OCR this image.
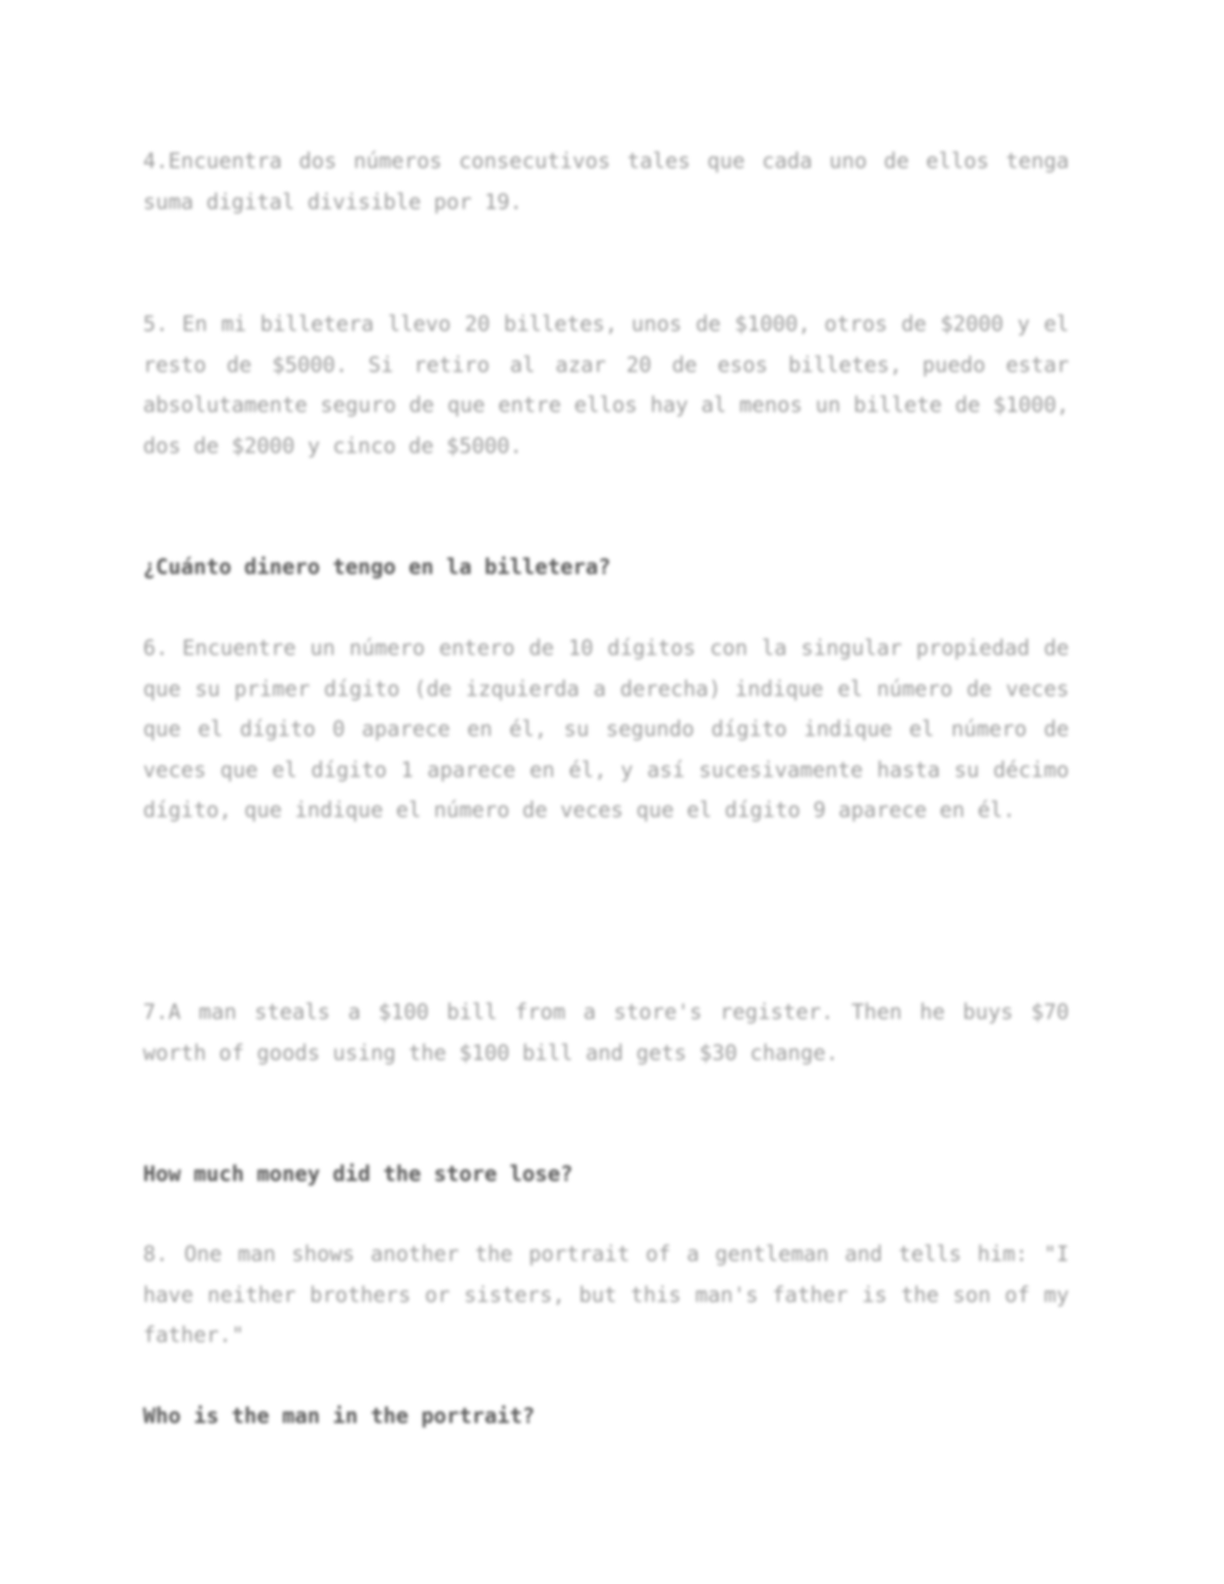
4.Encuentra dos números consecutivos tales que cada uno de ellos tenga suma digital divisible por 19.

5. En mi billetera llevo 20 billetes, unos de $1000, otros de $2000 y el resto de $5000. Si retiro al azar 20 de esos billetes, puedo estar absolutamente seguro de que entre ellos hay al menos un billete de $1000, dos de $2000 y cinco de $5000.

¿Cuánto dinero tengo en la billetera?

6. Encuentre un número entero de 10 dígitos con la singular propiedad de que su primer dígito (de izquierda a derecha) indique el número de veces que el dígito 0 aparece en él, su segundo dígito indique el número de veces que el dígito 1 aparece en él, y así sucesivamente hasta su décimo dígito, que indique el número de veces que el dígito 9 aparece en él.

7.A man steals a $100 bill from a store's register. Then he buys $70 worth of goods using the $100 bill and gets $30 change.

How much money did the store lose?

8. One man shows another the portrait of a gentleman and tells him: "I have neither brothers or sisters, but this man's father is the son of my father."

Who is the man in the portrait?
